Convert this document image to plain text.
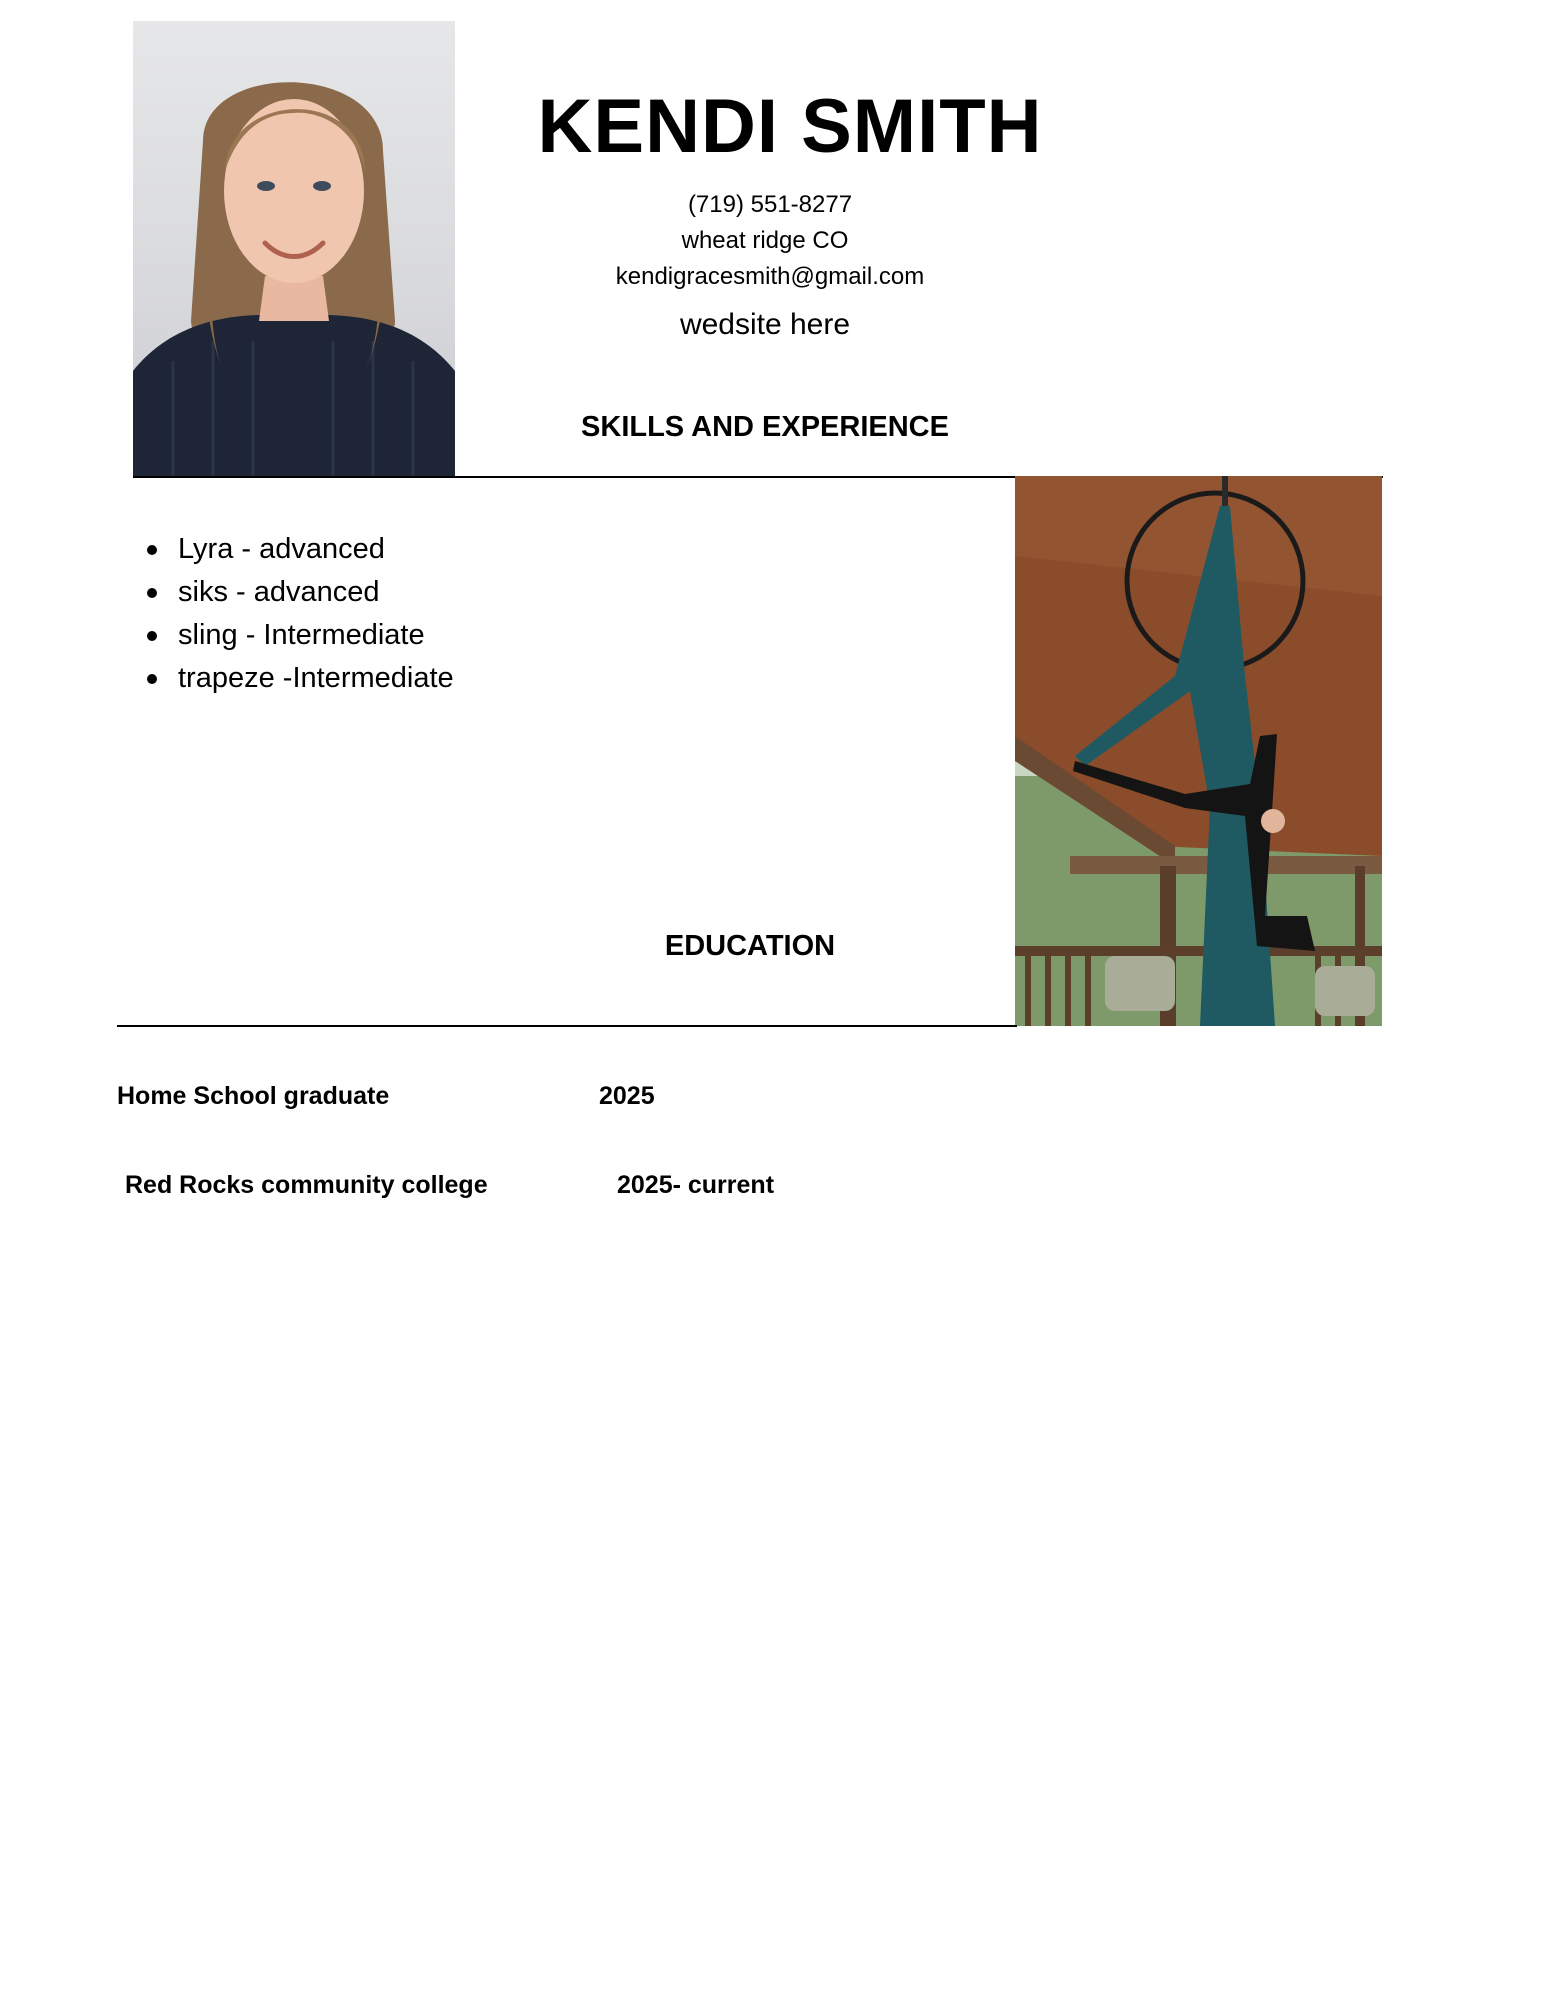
KENDI SMITH
(719) 551-8277
wheat ridge CO
kendigracesmith@gmail.com
wedsite here
SKILLS AND EXPERIENCE
Lyra - advanced
siks - advanced
sling - Intermediate
trapeze -Intermediate
EDUCATION
Home School graduate	2025
Red Rocks community college	2025- current
